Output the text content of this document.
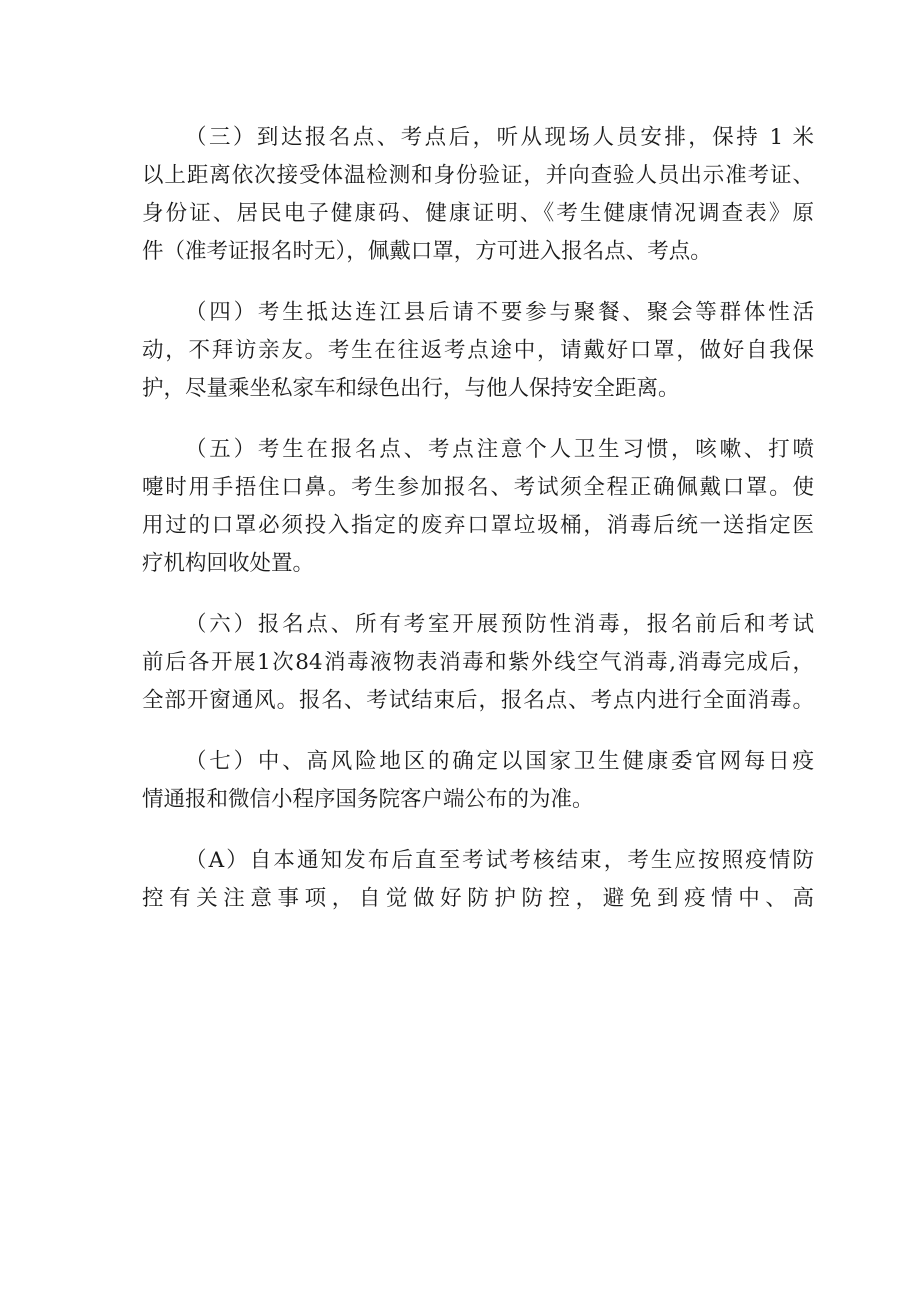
（三）到达报名点、考点后，听从现场人员安排，保持 1 米
以上距离依次接受体温检测和身份验证，并向查验人员出示准考证、
身份证、居民电子健康码、健康证明、《考生健康情况调查表》原
件（准考证报名时无），佩戴口罩，方可进入报名点、考点。
（四）考生抵达连江县后请不要参与聚餐、聚会等群体性活
动，不拜访亲友。考生在往返考点途中，请戴好口罩，做好自我保
护，尽量乘坐私家车和绿色出行，与他人保持安全距离。
（五）考生在报名点、考点注意个人卫生习惯，咳嗽、打喷
嚏时用手捂住口鼻。考生参加报名、考试须全程正确佩戴口罩。使
用过的口罩必须投入指定的废弃口罩垃圾桶，消毒后统一送指定医
疗机构回收处置。
（六）报名点、所有考室开展预防性消毒，报名前后和考试
前后各开展1次84消毒液物表消毒和紫外线空气消毒,消毒完成后，
全部开窗通风。报名、考试结束后，报名点、考点内进行全面消毒。
（七）中、高风险地区的确定以国家卫生健康委官网每日疫
情通报和微信小程序国务院客户端公布的为准。
（A）自本通知发布后直至考试考核结束，考生应按照疫情防
控有关注意事项，自觉做好防护防控，避免到疫情中、高
